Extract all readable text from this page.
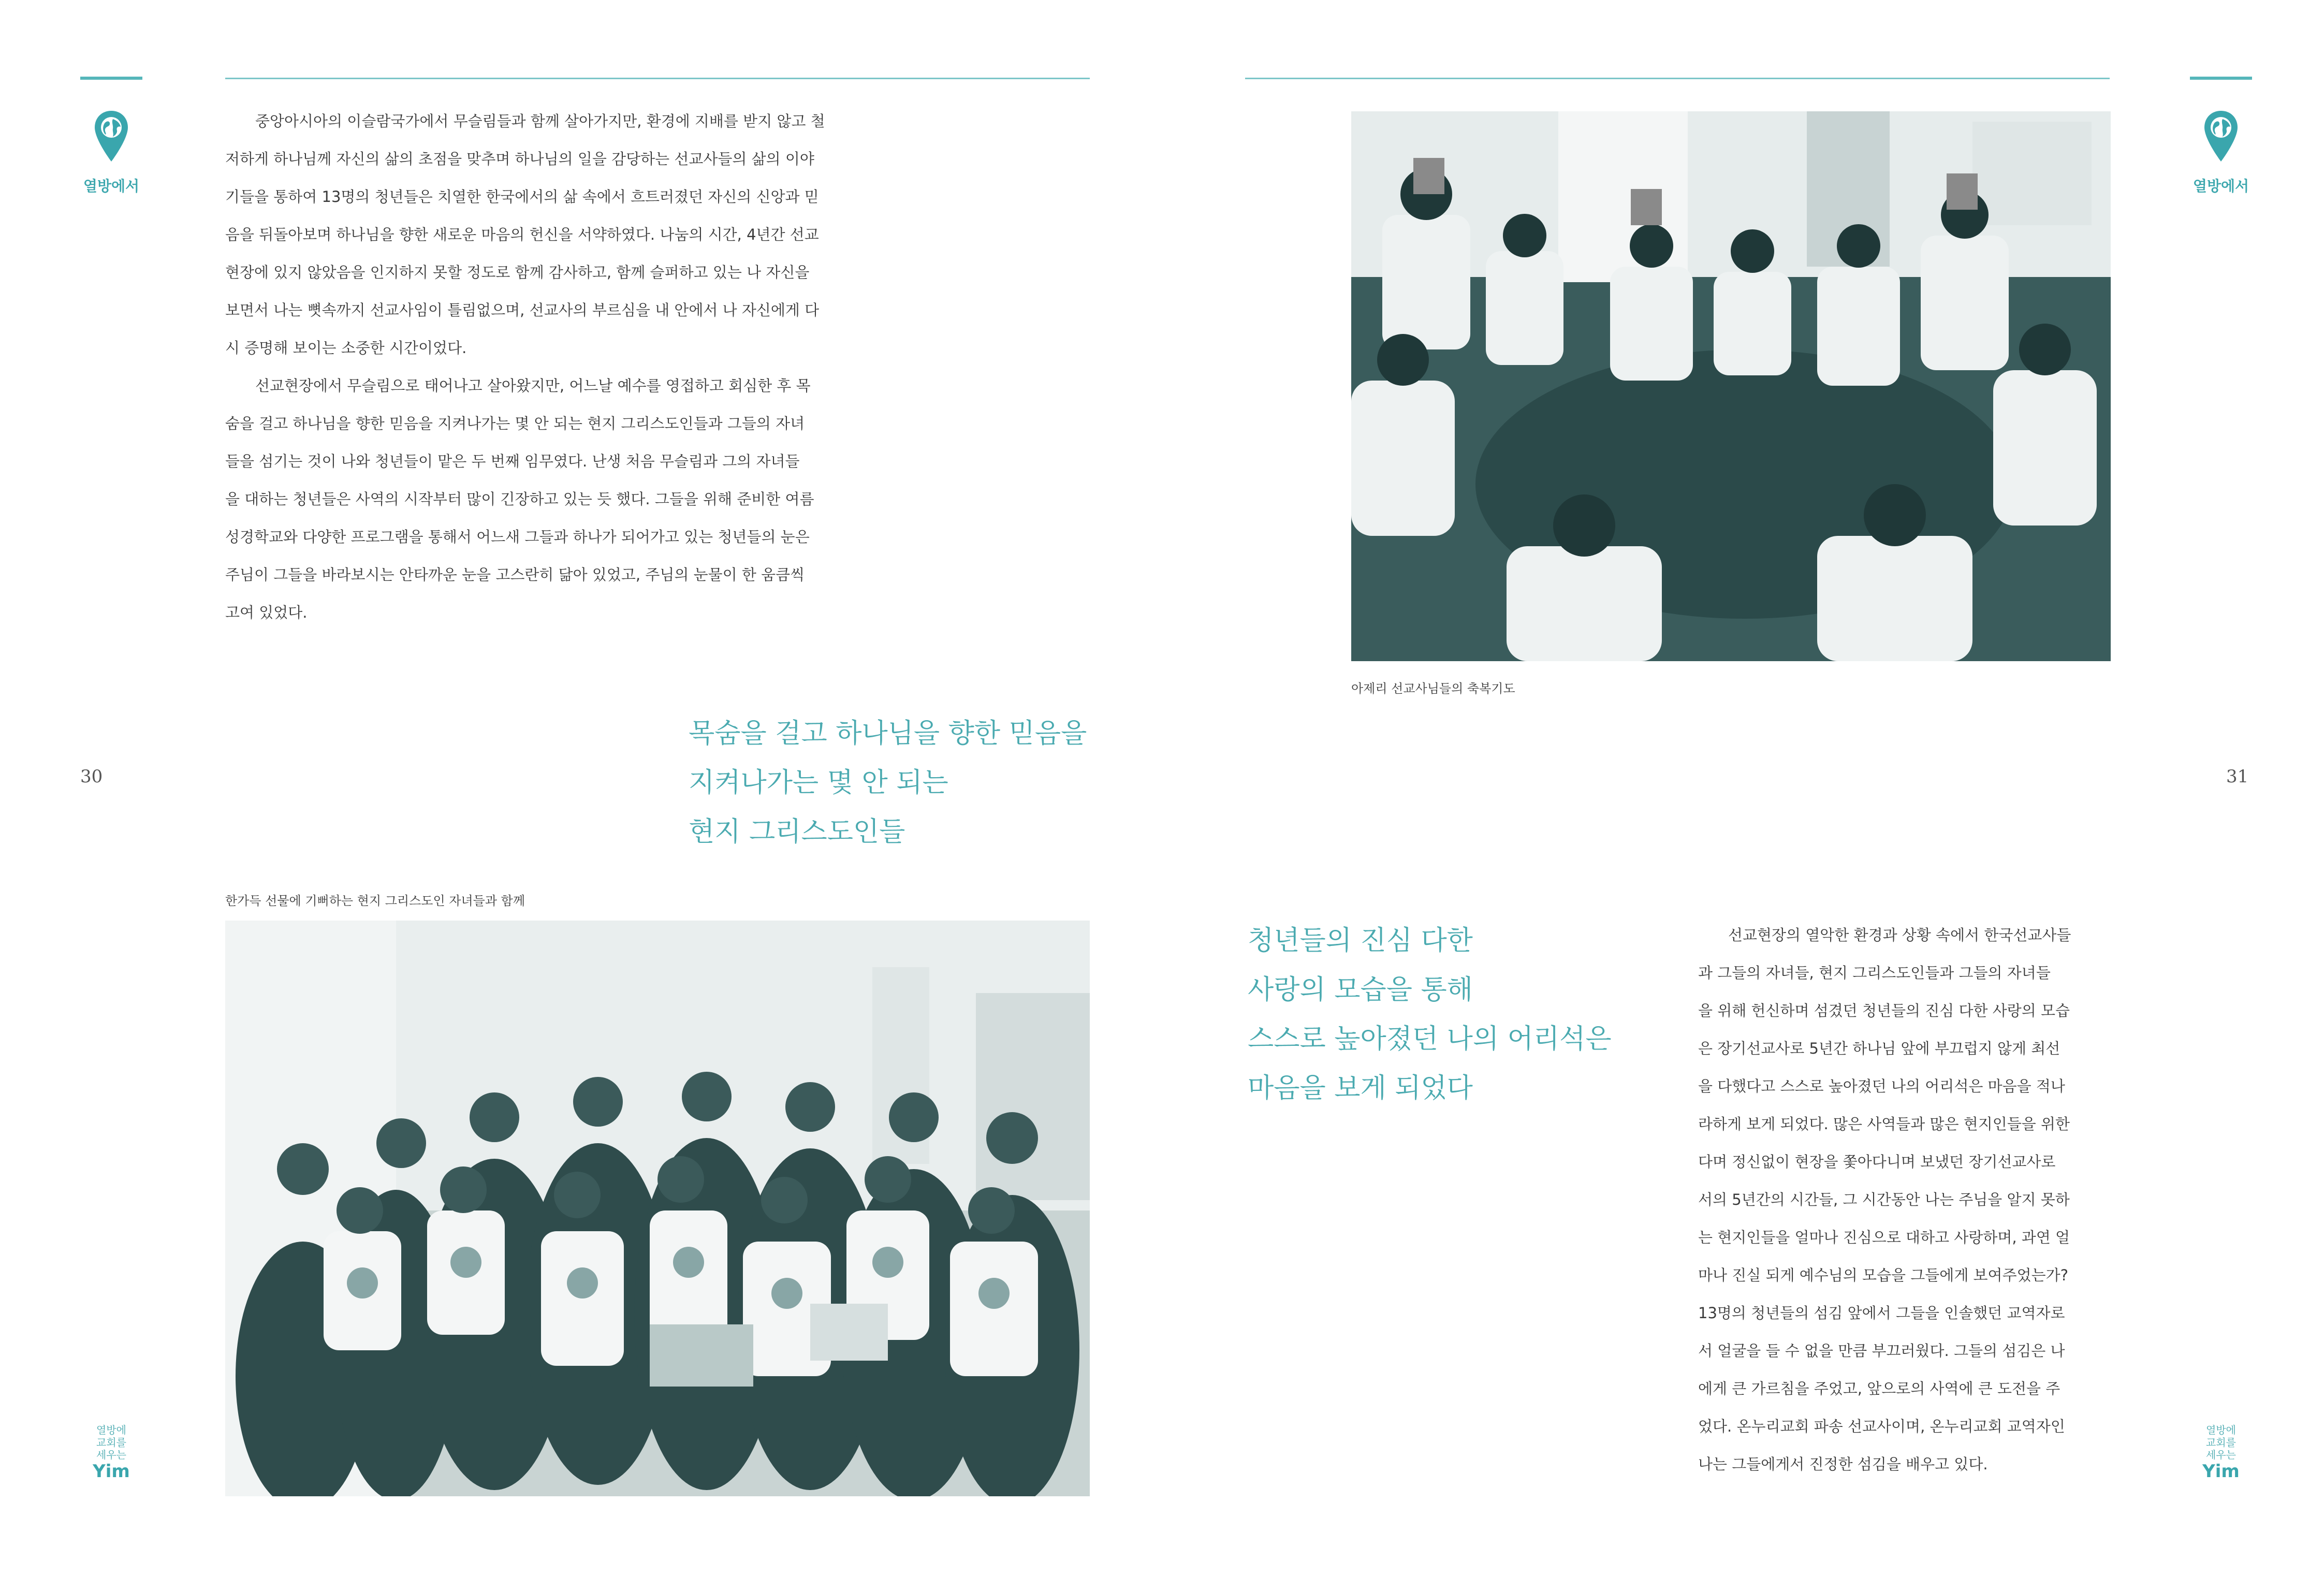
열방에서
중앙아시아의 이슬람국가에서 무슬림들과 함께 살아가지만, 환경에 지배를 받지 않고 철
저하게 하나님께 자신의 삶의 초점을 맞추며 하나님의 일을 감당하는 선교사들의 삶의 이야
기들을 통하여 13명의 청년들은 치열한 한국에서의 삶 속에서 흐트러졌던 자신의 신앙과 믿
음을 뒤돌아보며 하나님을 향한 새로운 마음의 헌신을 서약하였다. 나눔의 시간, 4년간 선교
현장에 있지 않았음을 인지하지 못할 정도로 함께 감사하고, 함께 슬퍼하고 있는 나 자신을
보면서 나는 뼛속까지 선교사임이 틀림없으며, 선교사의 부르심을 내 안에서 나 자신에게 다
시 증명해 보이는 소중한 시간이었다.
선교현장에서 무슬림으로 태어나고 살아왔지만, 어느날 예수를 영접하고 회심한 후 목
숨을 걸고 하나님을 향한 믿음을 지켜나가는 몇 안 되는 현지 그리스도인들과 그들의 자녀
들을 섬기는 것이 나와 청년들이 맡은 두 번째 임무였다. 난생 처음 무슬림과 그의 자녀들
을 대하는 청년들은 사역의 시작부터 많이 긴장하고 있는 듯 했다. 그들을 위해 준비한 여름
성경학교와 다양한 프로그램을 통해서 어느새 그들과 하나가 되어가고 있는 청년들의 눈은
주님이 그들을 바라보시는 안타까운 눈을 고스란히 닮아 있었고, 주님의 눈물이 한 움큼씩
고여 있었다.
목숨을 걸고 하나님을 향한 믿음을
지켜나가는 몇 안 되는
현지 그리스도인들
30
한가득 선물에 기뻐하는 현지 그리스도인 자녀들과 함께
열방에
교회를
세우는
Yim
열방에서
아제리 선교사님들의 축복기도
31
청년들의 진심 다한
사랑의 모습을 통해
스스로 높아졌던 나의 어리석은
마음을 보게 되었다
선교현장의 열악한 환경과 상황 속에서 한국선교사들
과 그들의 자녀들, 현지 그리스도인들과 그들의 자녀들
을 위해 헌신하며 섬겼던 청년들의 진심 다한 사랑의 모습
은 장기선교사로 5년간 하나님 앞에 부끄럽지 않게 최선
을 다했다고 스스로 높아졌던 나의 어리석은 마음을 적나
라하게 보게 되었다. 많은 사역들과 많은 현지인들을 위한
다며 정신없이 현장을 쫓아다니며 보냈던 장기선교사로
서의 5년간의 시간들, 그 시간동안 나는 주님을 알지 못하
는 현지인들을 얼마나 진심으로 대하고 사랑하며, 과연 얼
마나 진실 되게 예수님의 모습을 그들에게 보여주었는가?
13명의 청년들의 섬김 앞에서 그들을 인솔했던 교역자로
서 얼굴을 들 수 없을 만큼 부끄러웠다. 그들의 섬김은 나
에게 큰 가르침을 주었고, 앞으로의 사역에 큰 도전을 주
었다. 온누리교회 파송 선교사이며, 온누리교회 교역자인
나는 그들에게서 진정한 섬김을 배우고 있다.
열방에
교회를
세우는
Yim
